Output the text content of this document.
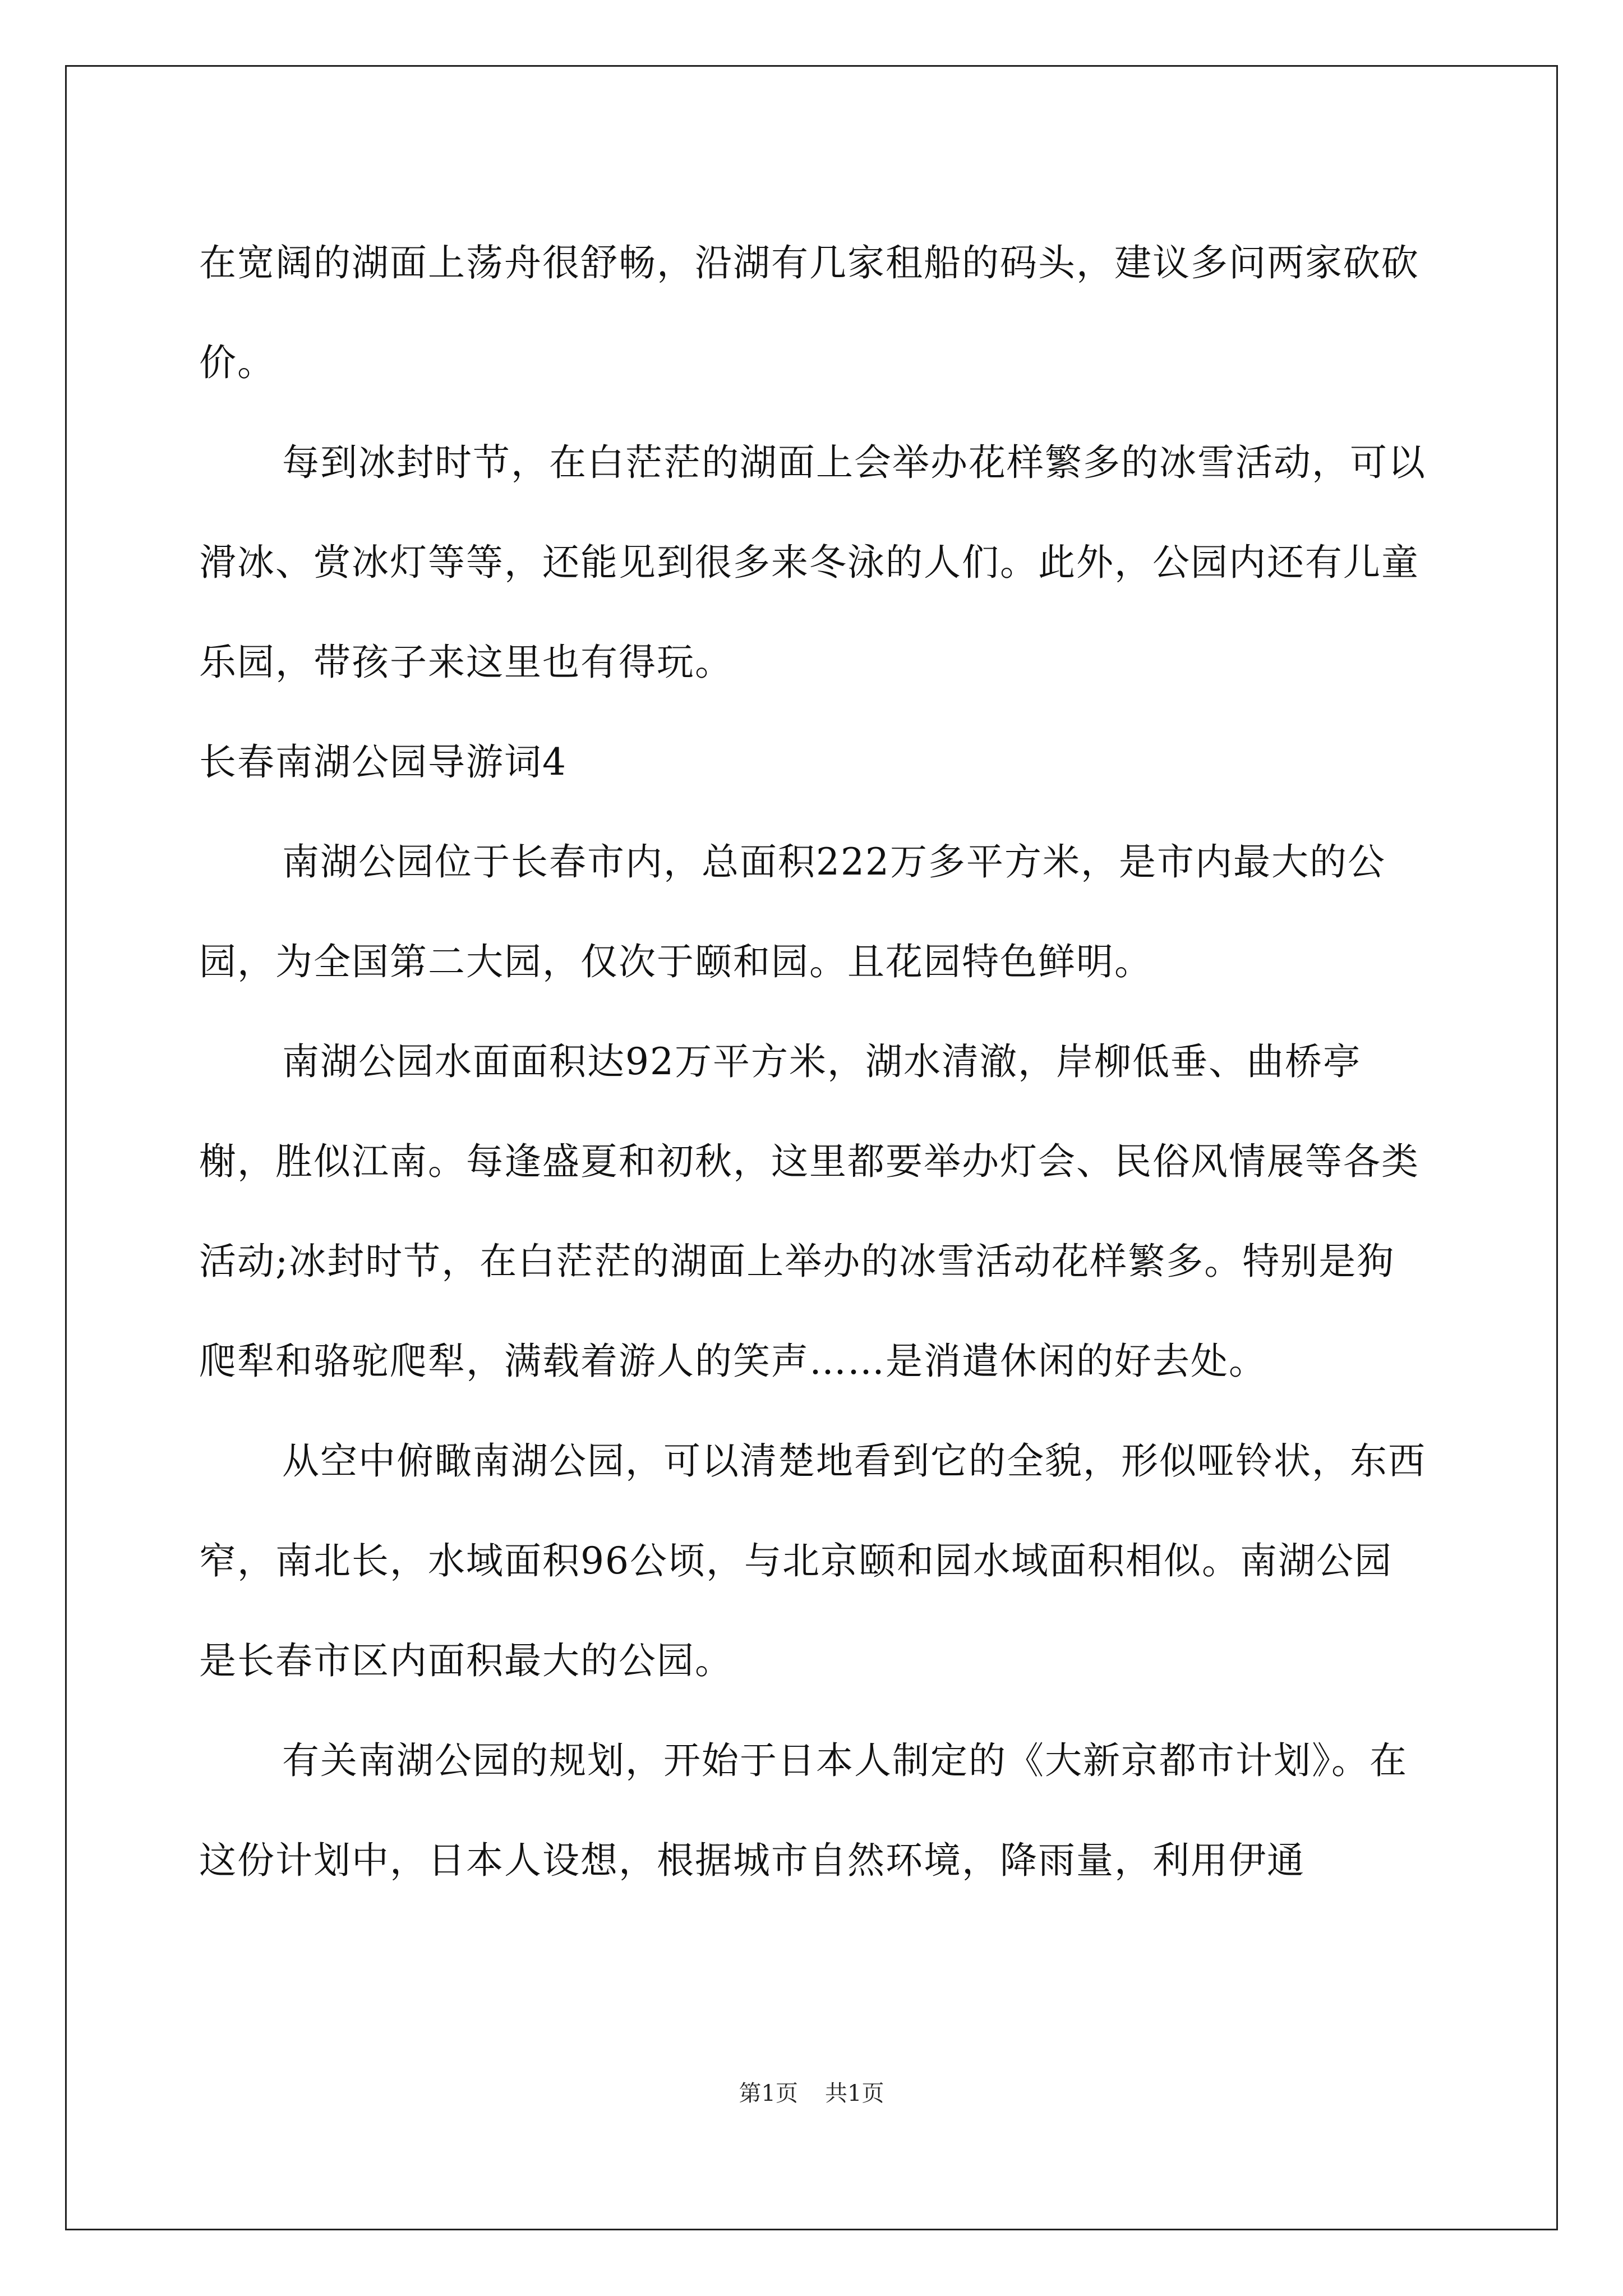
在宽阔的湖面上荡舟很舒畅，沿湖有几家租船的码头，建议多问两家砍砍价。

每到冰封时节，在白茫茫的湖面上会举办花样繁多的冰雪活动，可以滑冰、赏冰灯等等，还能见到很多来冬泳的人们。此外，公园内还有儿童乐园，带孩子来这里也有得玩。

长春南湖公园导游词4

南湖公园位于长春市内，总面积222万多平方米，是市内最大的公园，为全国第二大园，仅次于颐和园。且花园特色鲜明。

南湖公园水面面积达92万平方米，湖水清澈，岸柳低垂、曲桥亭榭，胜似江南。每逢盛夏和初秋，这里都要举办灯会、民俗风情展等各类活动;冰封时节，在白茫茫的湖面上举办的冰雪活动花样繁多。特别是狗爬犁和骆驼爬犁，满载着游人的笑声……是消遣休闲的好去处。

从空中俯瞰南湖公园，可以清楚地看到它的全貌，形似哑铃状，东西窄，南北长，水域面积96公顷，与北京颐和园水域面积相似。南湖公园是长春市区内面积最大的公园。

有关南湖公园的规划，开始于日本人制定的《大新京都市计划》。在这份计划中，日本人设想，根据城市自然环境，降雨量，利用伊通

第1页 共1页
